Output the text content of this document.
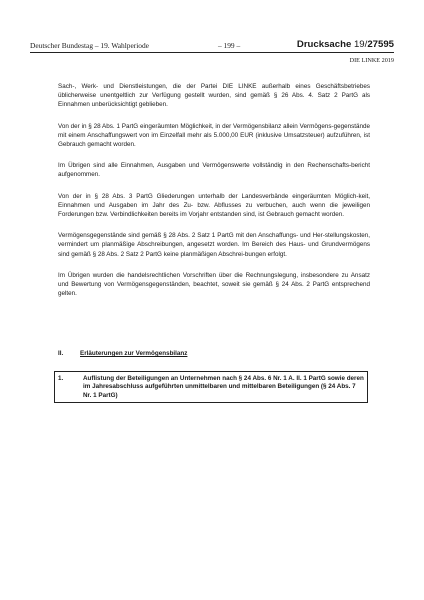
Deutscher Bundestag – 19. Wahlperiode	– 199 –	Drucksache 19/27595
DIE LINKE 2019

Sach-, Werk- und Dienstleistungen, die der Partei DIE LINKE außerhalb eines Geschäftsbetriebes üblicherweise unentgeltlich zur Verfügung gestellt wurden, sind gemäß § 26 Abs. 4. Satz 2 PartG als Einnahmen unberücksichtigt geblieben.

Von der in § 28 Abs. 1 PartG eingeräumten Möglichkeit, in der Vermögensbilanz allein Vermögens-gegenstände mit einem Anschaffungswert von im Einzelfall mehr als 5.000,00 EUR (inklusive Umsatzsteuer) aufzuführen, ist Gebrauch gemacht worden.

Im Übrigen sind alle Einnahmen, Ausgaben und Vermögenswerte vollständig in den Rechenschafts-bericht aufgenommen.

Von der in § 28 Abs. 3 PartG Gliederungen unterhalb der Landesverbände eingeräumten Möglich-keit, Einnahmen und Ausgaben im Jahr des Zu- bzw. Abflusses zu verbuchen, auch wenn die jeweiligen Forderungen bzw. Verbindlichkeiten bereits im Vorjahr entstanden sind, ist Gebrauch gemacht worden.

Vermögensgegenstände sind gemäß § 28 Abs. 2 Satz 1 PartG mit den Anschaffungs- und Her-stellungskosten, vermindert um planmäßige Abschreibungen, angesetzt worden. Im Bereich des Haus- und Grundvermögens sind gemäß § 28 Abs. 2 Satz 2 PartG keine planmäßigen Abschrei-bungen erfolgt.

Im Übrigen wurden die handelsrechtlichen Vorschriften über die Rechnungslegung, insbesondere zu Ansatz und Bewertung von Vermögensgegenständen, beachtet, soweit sie gemäß § 24 Abs. 2 PartG entsprechend gelten.

II.	Erläuterungen zur Vermögensbilanz
1.	Auflistung der Beteiligungen an Unternehmen nach § 24 Abs. 6 Nr. 1 A. II. 1 PartG sowie deren im Jahresabschluss aufgeführten unmittelbaren und mittelbaren Beteiligungen (§ 24 Abs. 7 Nr. 1 PartG)
